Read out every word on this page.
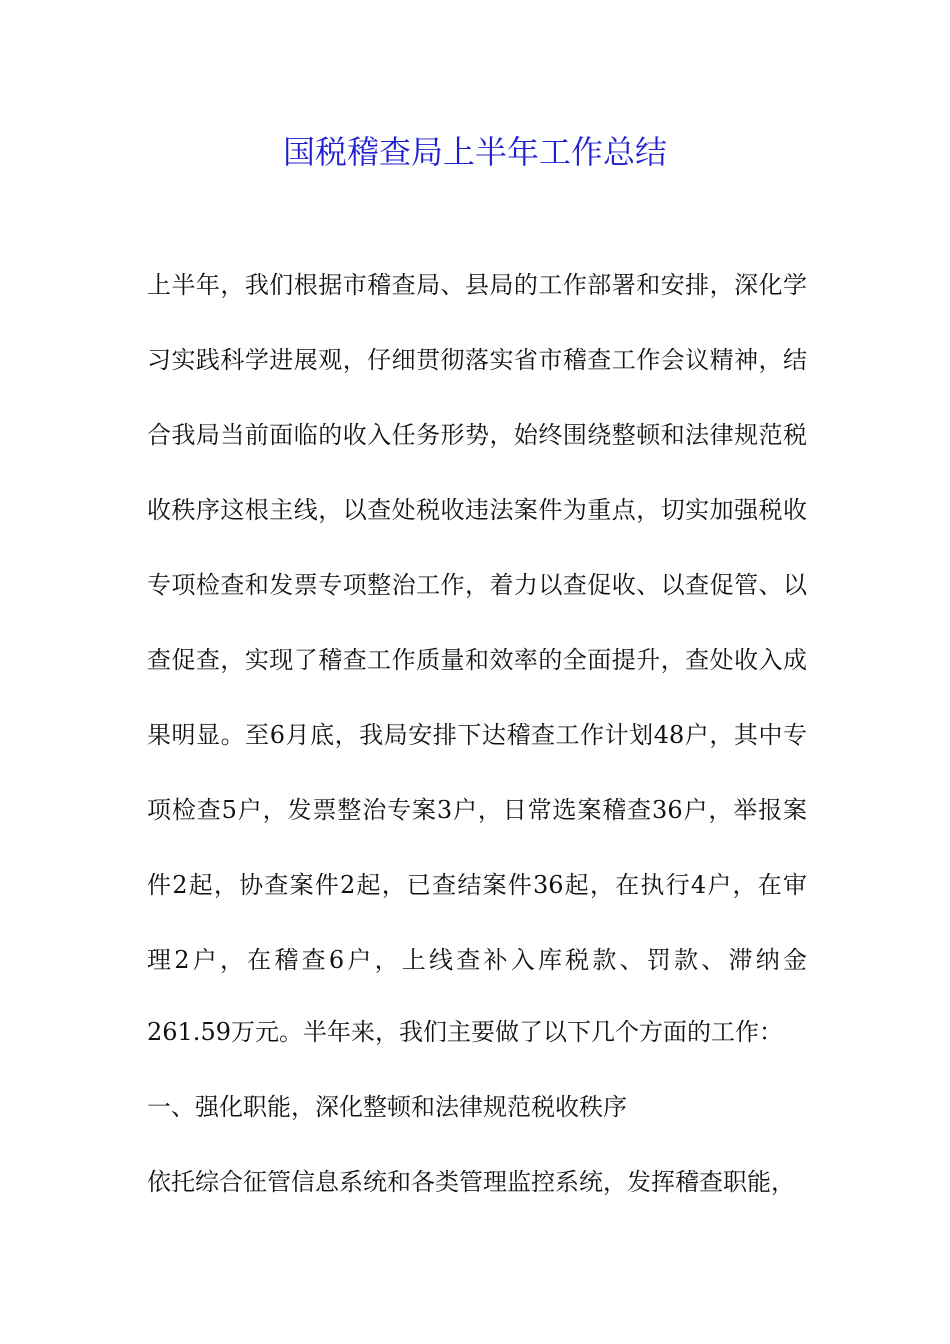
国税稽查局上半年工作总结

上半年，我们根据市稽查局、县局的工作部署和安排，深化学

习实践科学进展观，仔细贯彻落实省市稽查工作会议精神，结

合我局当前面临的收入任务形势，始终围绕整顿和法律规范税

收秩序这根主线，以查处税收违法案件为重点，切实加强税收

专项检查和发票专项整治工作，着力以查促收、以查促管、以

查促查，实现了稽查工作质量和效率的全面提升，查处收入成

果明显。至6月底，我局安排下达稽查工作计划48户，其中专

项检查5户，发票整治专案3户，日常选案稽查36户，举报案

件2起，协查案件2起，已查结案件36起，在执行4户，在审

理2户，在稽查6户，上线查补入库税款、罚款、滞纳金

261.59万元。半年来，我们主要做了以下几个方面的工作：

一、强化职能，深化整顿和法律规范税收秩序

依托综合征管信息系统和各类管理监控系统，发挥稽查职能，
